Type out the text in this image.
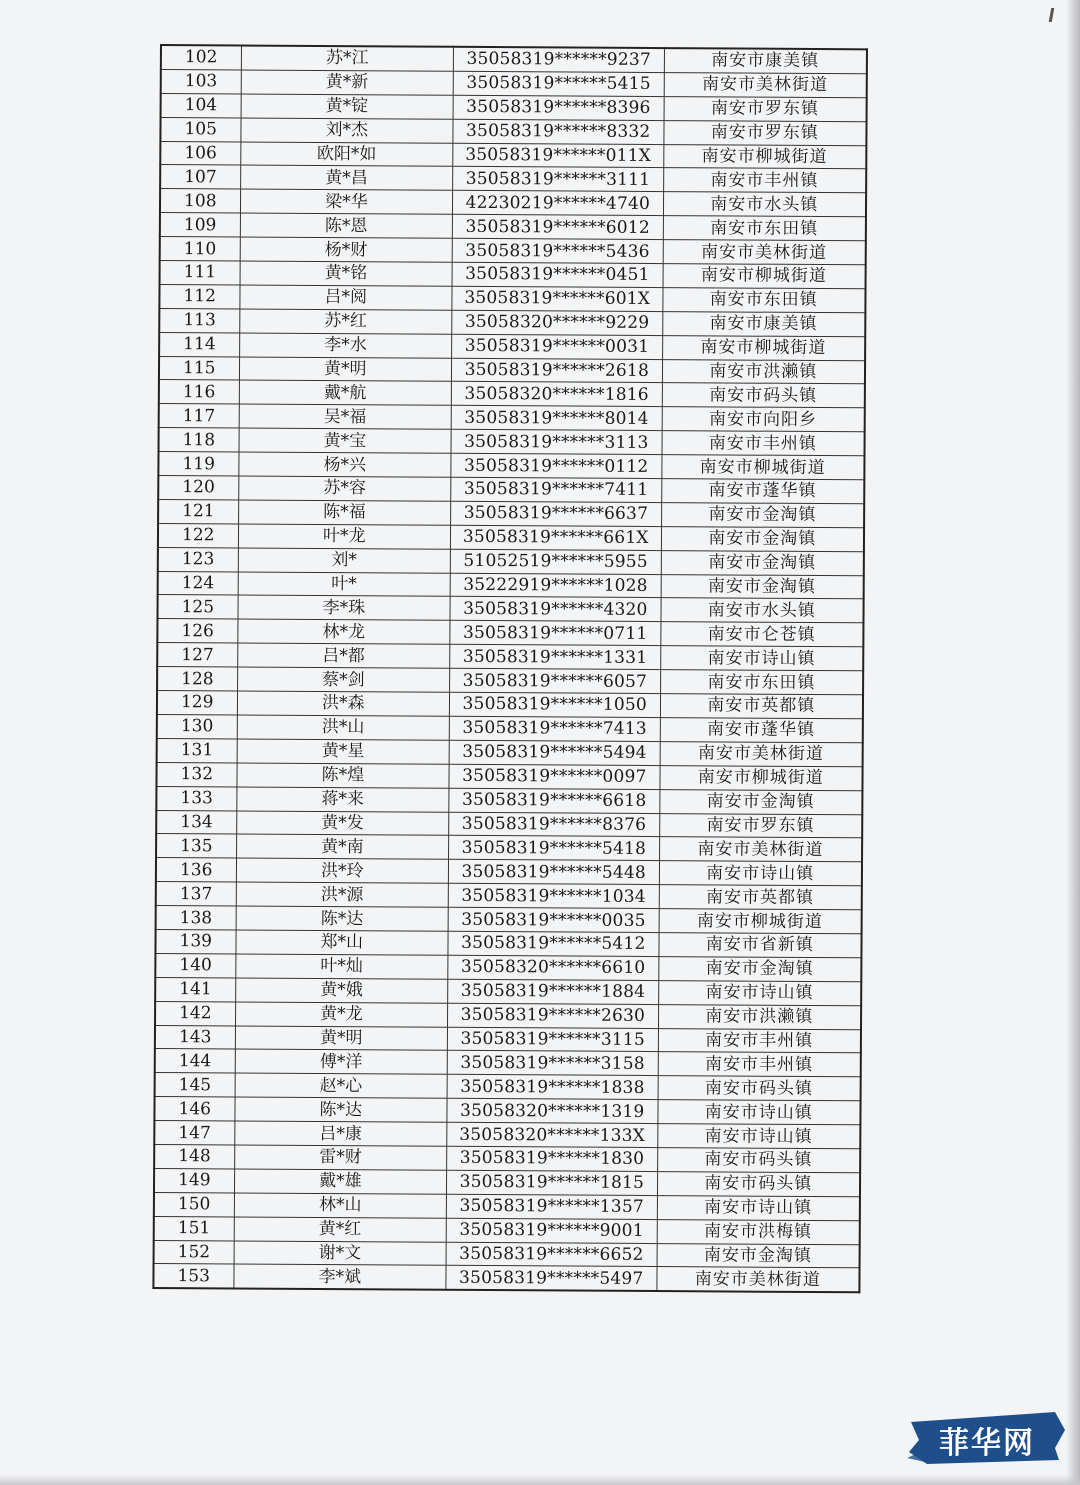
102	苏*江	35058319******9237	南安市康美镇
103	黄*新	35058319******5415	南安市美林街道
104	黄*锭	35058319******8396	南安市罗东镇
105	刘*杰	35058319******8332	南安市罗东镇
106	欧阳*如	35058319******011X	南安市柳城街道
107	黄*昌	35058319******3111	南安市丰州镇
108	梁*华	42230219******4740	南安市水头镇
109	陈*恩	35058319******6012	南安市东田镇
110	杨*财	35058319******5436	南安市美林街道
111	黄*铭	35058319******0451	南安市柳城街道
112	吕*阅	35058319******601X	南安市东田镇
113	苏*红	35058320******9229	南安市康美镇
114	李*水	35058319******0031	南安市柳城街道
115	黄*明	35058319******2618	南安市洪濑镇
116	戴*航	35058320******1816	南安市码头镇
117	吴*福	35058319******8014	南安市向阳乡
118	黄*宝	35058319******3113	南安市丰州镇
119	杨*兴	35058319******0112	南安市柳城街道
120	苏*容	35058319******7411	南安市蓬华镇
121	陈*福	35058319******6637	南安市金淘镇
122	叶*龙	35058319******661X	南安市金淘镇
123	刘*	51052519******5955	南安市金淘镇
124	叶*	35222919******1028	南安市金淘镇
125	李*珠	35058319******4320	南安市水头镇
126	林*龙	35058319******0711	南安市仑苍镇
127	吕*都	35058319******1331	南安市诗山镇
128	蔡*剑	35058319******6057	南安市东田镇
129	洪*森	35058319******1050	南安市英都镇
130	洪*山	35058319******7413	南安市蓬华镇
131	黄*星	35058319******5494	南安市美林街道
132	陈*煌	35058319******0097	南安市柳城街道
133	蒋*来	35058319******6618	南安市金淘镇
134	黄*发	35058319******8376	南安市罗东镇
135	黄*南	35058319******5418	南安市美林街道
136	洪*玲	35058319******5448	南安市诗山镇
137	洪*源	35058319******1034	南安市英都镇
138	陈*达	35058319******0035	南安市柳城街道
139	郑*山	35058319******5412	南安市省新镇
140	叶*灿	35058320******6610	南安市金淘镇
141	黄*娥	35058319******1884	南安市诗山镇
142	黄*龙	35058319******2630	南安市洪濑镇
143	黄*明	35058319******3115	南安市丰州镇
144	傅*洋	35058319******3158	南安市丰州镇
145	赵*心	35058319******1838	南安市码头镇
146	陈*达	35058320******1319	南安市诗山镇
147	吕*康	35058320******133X	南安市诗山镇
148	雷*财	35058319******1830	南安市码头镇
149	戴*雄	35058319******1815	南安市码头镇
150	林*山	35058319******1357	南安市诗山镇
151	黄*红	35058319******9001	南安市洪梅镇
152	谢*文	35058319******6652	南安市金淘镇
153	李*斌	35058319******5497	南安市美林街道
菲华网
